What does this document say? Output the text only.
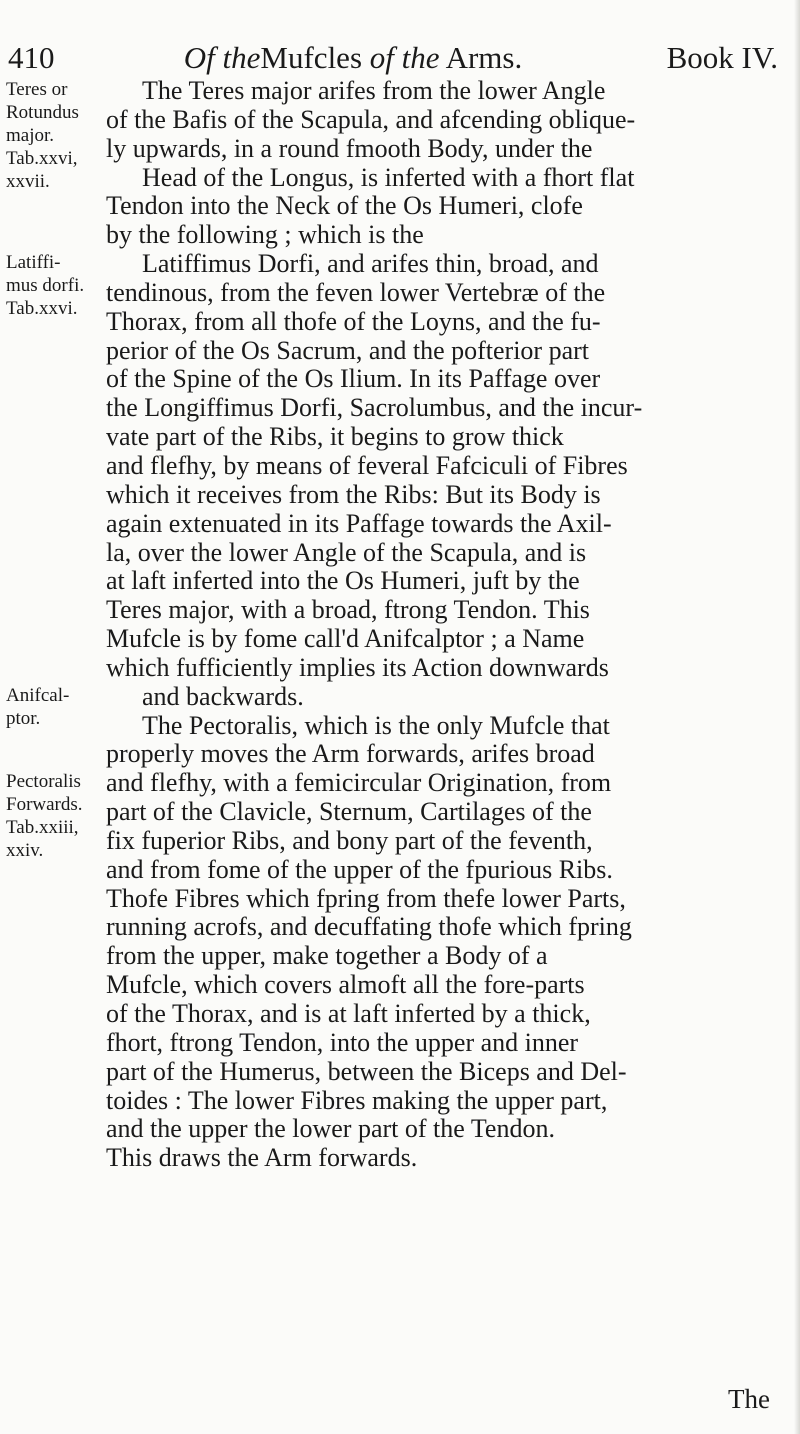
410	Of theMufcles of the Arms.	Book IV.
Teres or
Rotundus
major.
Tab.xxvi,
xxvii.
Latiffi-
mus dorfi.
Tab.xxvi.
Anifcal-
ptor.
Pectoralis
Forwards.
Tab.xxiii,
xxiv.
The Teres major arifes from the lower Angle
of the Bafis of the Scapula, and afcending oblique-
ly upwards, in a round fmooth Body, under the
Head of the Longus, is inferted with a fhort flat
Tendon into the Neck of the Os Humeri, clofe
by the following ; which is the
Latiffimus Dorfi, and arifes thin, broad, and
tendinous, from the feven lower Vertebræ of the
Thorax, from all thofe of the Loyns, and the fu-
perior of the Os Sacrum, and the pofterior part
of the Spine of the Os Ilium. In its Paffage over
the Longiffimus Dorfi, Sacrolumbus, and the incur-
vate part of the Ribs, it begins to grow thick
and flefhy, by means of feveral Fafciculi of Fibres
which it receives from the Ribs: But its Body is
again extenuated in its Paffage towards the Axil-
la, over the lower Angle of the Scapula, and is
at laft inferted into the Os Humeri, juft by the
Teres major, with a broad, ftrong Tendon. This
Mufcle is by fome call'd Anifcalptor ; a Name
which fufficiently implies its Action downwards
and backwards.
The Pectoralis, which is the only Mufcle that
properly moves the Arm forwards, arifes broad
and flefhy, with a femicircular Origination, from
part of the Clavicle, Sternum, Cartilages of the
fix fuperior Ribs, and bony part of the feventh,
and from fome of the upper of the fpurious Ribs.
Thofe Fibres which fpring from thefe lower Parts,
running acrofs, and decuffating thofe which fpring
from the upper, make together a Body of a
Mufcle, which covers almoft all the fore-parts
of the Thorax, and is at laft inferted by a thick,
fhort, ftrong Tendon, into the upper and inner
part of the Humerus, between the Biceps and Del-
toides : The lower Fibres making the upper part,
and the upper the lower part of the Tendon.
This draws the Arm forwards.
The
